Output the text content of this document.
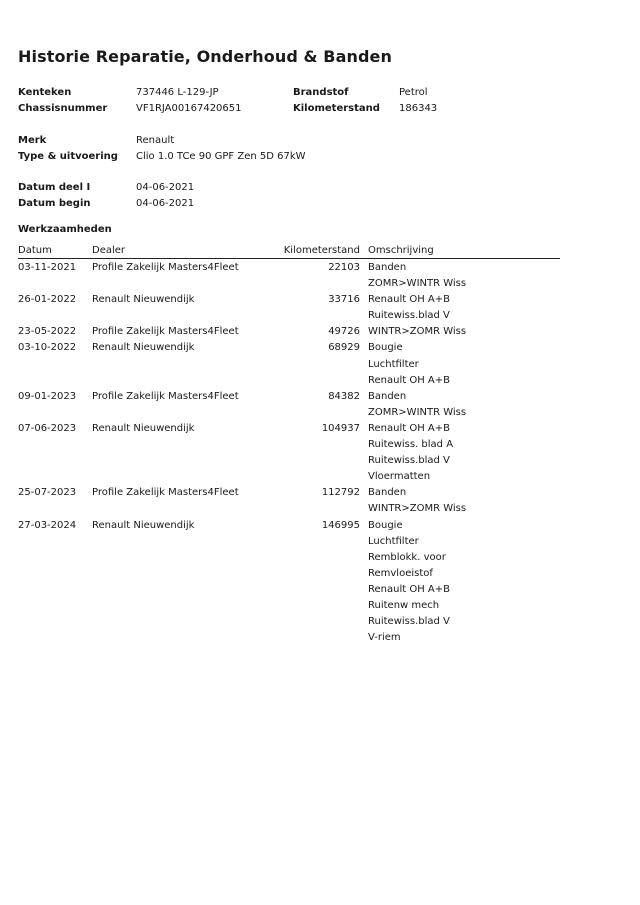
Historie Reparatie, Onderhoud & Banden
Kenteken	737446 L-129-JP	Brandstof	Petrol
Chassisnummer	VF1RJA00167420651	Kilometerstand 186343
Merk	Renault
Type & uitvoering Clio 1.0 TCe 90 GPF Zen 5D 67kW
Datum deel I	04-06-2021
Datum begin	04-06-2021
Werkzaamheden
Datum	Dealer	Kilometerstand Omschrijving
03-11-2021 Profile Zakelijk Masters4Fleet	22103 Banden
ZOMR>WINTR Wiss
26-01-2022 Renault Nieuwendijk	33716 Renault OH A+B
Ruitewiss.blad V
23-05-2022 Profile Zakelijk Masters4Fleet	49726 WINTR>ZOMR Wiss
03-10-2022 Renault Nieuwendijk	68929 Bougie
Luchtfilter
Renault OH A+B
09-01-2023 Profile Zakelijk Masters4Fleet	84382 Banden
ZOMR>WINTR Wiss
07-06-2023 Renault Nieuwendijk	104937 Renault OH A+B
Ruitewiss. blad A
Ruitewiss.blad V
Vloermatten
25-07-2023 Profile Zakelijk Masters4Fleet	112792 Banden
WINTR>ZOMR Wiss
27-03-2024 Renault Nieuwendijk	146995 Bougie
Luchtfilter
Remblokk. voor
Remvloeistof
Renault OH A+B
Ruitenw mech
Ruitewiss.blad V
V-riem
